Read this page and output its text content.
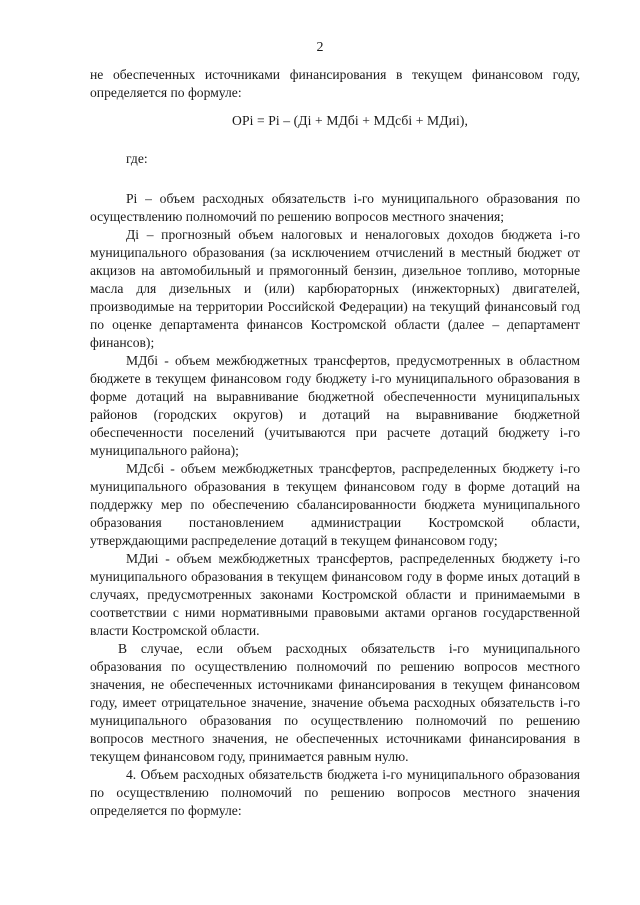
2

не обеспеченных источниками финансирования в текущем финансовом году, определяется по формуле:

ОРi = Рi – (Дi + МДбi + МДсбi + МДиi),

где:

Рi – объем расходных обязательств i-го муниципального образования по осуществлению полномочий по решению вопросов местного значения;

Дi – прогнозный объем налоговых и неналоговых доходов бюджета i-го муниципального образования (за исключением отчислений в местный бюджет от акцизов на автомобильный и прямогонный бензин, дизельное топливо, моторные масла для дизельных и (или) карбюраторных (инжекторных) двигателей, производимые на территории Российской Федерации) на текущий финансовый год по оценке департамента финансов Костромской области (далее – департамент финансов);

МДбi - объем межбюджетных трансфертов, предусмотренных в областном бюджете в текущем финансовом году бюджету i-го муниципального образования в форме дотаций на выравнивание бюджетной обеспеченности муниципальных районов (городских округов) и дотаций на выравнивание бюджетной обеспеченности поселений (учитываются при расчете дотаций бюджету i-го муниципального района);

МДсбi - объем межбюджетных трансфертов, распределенных бюджету i-го муниципального образования в текущем финансовом году в форме дотаций на поддержку мер по обеспечению сбалансированности бюджета муниципального образования постановлением администрации Костромской области, утверждающими распределение дотаций в текущем финансовом году;

МДиi - объем межбюджетных трансфертов, распределенных бюджету i-го муниципального образования в текущем финансовом году в форме иных дотаций в случаях, предусмотренных законами Костромской области и принимаемыми в соответствии с ними нормативными правовыми актами органов государственной власти Костромской области.

В случае, если объем расходных обязательств i-го муниципального образования по осуществлению полномочий по решению вопросов местного значения, не обеспеченных источниками финансирования в текущем финансовом году, имеет отрицательное значение, значение объема расходных обязательств i-го муниципального образования по осуществлению полномочий по решению вопросов местного значения, не обеспеченных источниками финансирования в текущем финансовом году, принимается равным нулю.

4. Объем расходных обязательств бюджета i-го муниципального образования по осуществлению полномочий по решению вопросов местного значения определяется по формуле:
